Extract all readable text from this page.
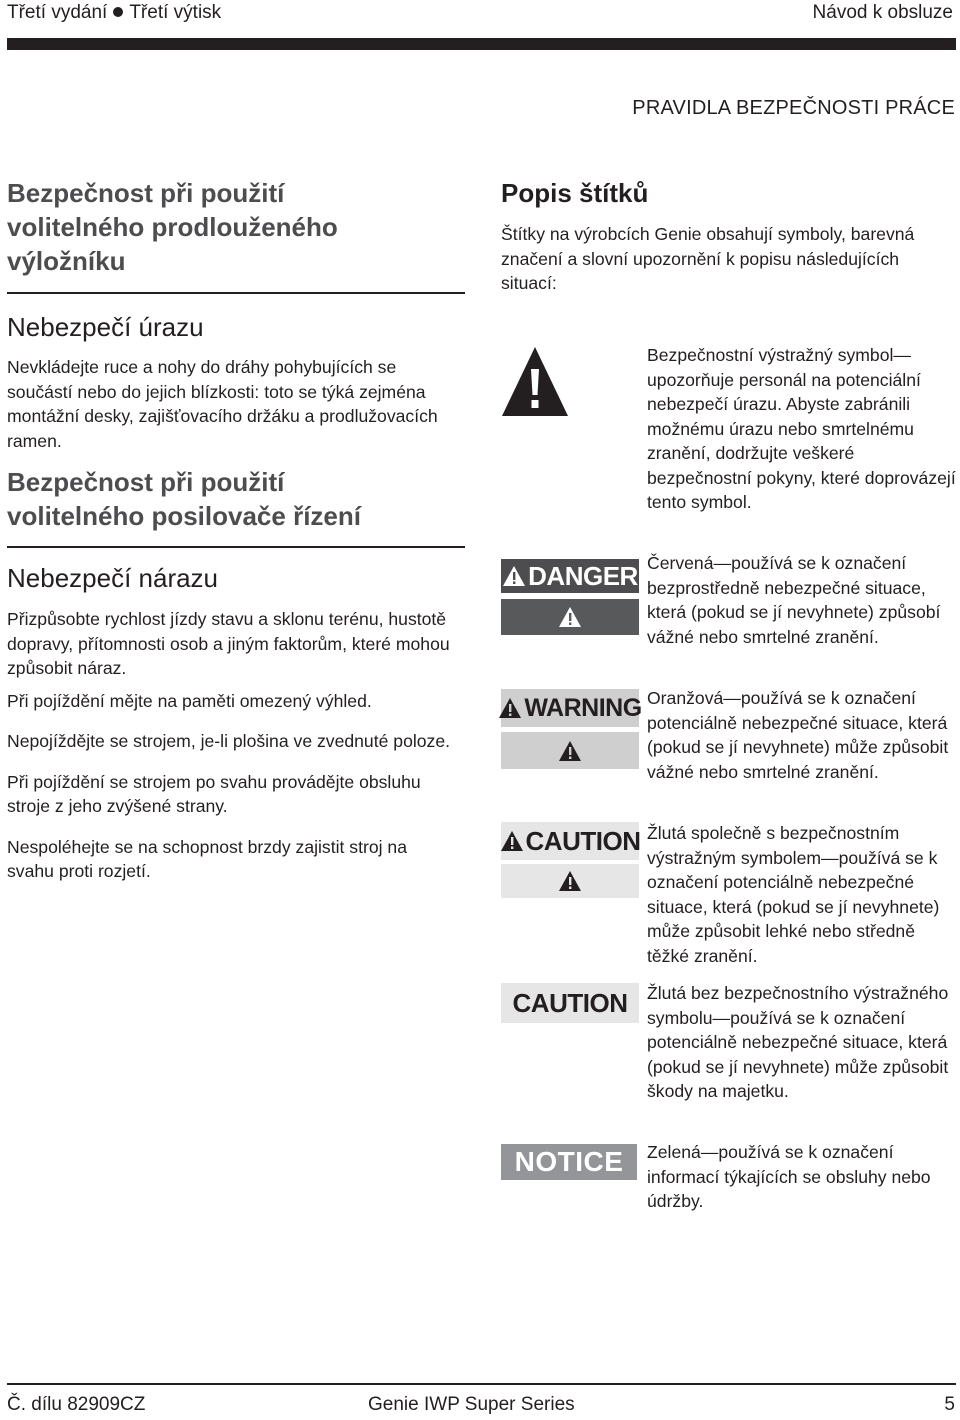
Třetí vydání Třetí výtisk	Návod k obsluze
PRAVIDLA BEZPEČNOSTI PRÁCE
Bezpečnost při použití volitelného prodlouženého výložníku
Nebezpečí úrazu
Nevkládejte ruce a nohy do dráhy pohybujících se součástí nebo do jejich blízkosti: toto se týká zejména montážní desky, zajišťovacího držáku a prodlužovacích ramen.
Bezpečnost při použití volitelného posilovače řízení
Nebezpečí nárazu
Přizpůsobte rychlost jízdy stavu a sklonu terénu, hustotě dopravy, přítomnosti osob a jiným faktorům, které mohou způsobit náraz.
Při pojíždění mějte na paměti omezený výhled.
Nepojíždějte se strojem, je-li plošina ve zvednuté poloze.
Při pojíždění se strojem po svahu provádějte obsluhu stroje z jeho zvýšené strany.
Nespoléhejte se na schopnost brzdy zajistit stroj na svahu proti rozjetí.
Popis štítků
Štítky na výrobcích Genie obsahují symboly, barevná značení a slovní upozornění k popisu následujících situací:
Bezpečnostní výstražný symbol—upozorňuje personál na potenciální nebezpečí úrazu. Abyste zabránili možnému úrazu nebo smrtelnému zranění, dodržujte veškeré bezpečnostní pokyny, které doprovázejí tento symbol.
DANGER Červená—používá se k označení bezprostředně nebezpečné situace, která (pokud se jí nevyhnete) způsobí vážné nebo smrtelné zranění.
WARNING Oranžová—používá se k označení potenciálně nebezpečné situace, která (pokud se jí nevyhnete) může způsobit vážné nebo smrtelné zranění.
CAUTION Žlutá společně s bezpečnostním výstražným symbolem—používá se k označení potenciálně nebezpečné situace, která (pokud se jí nevyhnete) může způsobit lehké nebo středně těžké zranění.
CAUTION Žlutá bez bezpečnostního výstražného symbolu—používá se k označení potenciálně nebezpečné situace, která (pokud se jí nevyhnete) může způsobit škody na majetku.
NOTICE Zelená—používá se k označení informací týkajících se obsluhy nebo údržby.
Č. dílu 82909CZ	Genie IWP Super Series	5
